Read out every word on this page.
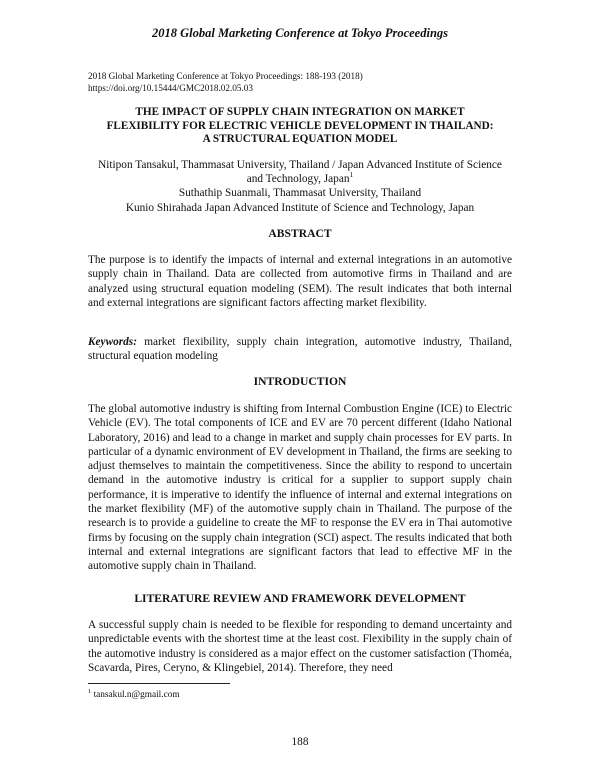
2018 Global Marketing Conference at Tokyo Proceedings
2018 Global Marketing Conference at Tokyo Proceedings: 188-193 (2018)
https://doi.org/10.15444/GMC2018.02.05.03
THE IMPACT OF SUPPLY CHAIN INTEGRATION ON MARKET
FLEXIBILITY FOR ELECTRIC VEHICLE DEVELOPMENT IN THAILAND:
A STRUCTURAL EQUATION MODEL
Nitipon Tansakul, Thammasat University, Thailand / Japan Advanced Institute of Science
and Technology, Japan$^1$
Suthathip Suanmali, Thammasat University, Thailand
Kunio Shirahada Japan Advanced Institute of Science and Technology, Japan
ABSTRACT
The purpose is to identify the impacts of internal and external integrations in an automotive supply chain in Thailand. Data are collected from automotive firms in Thailand and are analyzed using structural equation modeling (SEM). The result indicates that both internal and external integrations are significant factors affecting market flexibility.
Keywords: market flexibility, supply chain integration, automotive industry, Thailand, structural equation modeling
INTRODUCTION
The global automotive industry is shifting from Internal Combustion Engine (ICE) to Electric Vehicle (EV). The total components of ICE and EV are 70 percent different (Idaho National Laboratory, 2016) and lead to a change in market and supply chain processes for EV parts. In particular of a dynamic environment of EV development in Thailand, the firms are seeking to adjust themselves to maintain the competitiveness. Since the ability to respond to uncertain demand in the automotive industry is critical for a supplier to support supply chain performance, it is imperative to identify the influence of internal and external integrations on the market flexibility (MF) of the automotive supply chain in Thailand. The purpose of the research is to provide a guideline to create the MF to response the EV era in Thai automotive firms by focusing on the supply chain integration (SCI) aspect. The results indicated that both internal and external integrations are significant factors that lead to effective MF in the automotive supply chain in Thailand.
LITERATURE REVIEW AND FRAMEWORK DEVELOPMENT
A successful supply chain is needed to be flexible for responding to demand uncertainty and unpredictable events with the shortest time at the least cost. Flexibility in the supply chain of the automotive industry is considered as a major effect on the customer satisfaction (Thoméa, Scavarda, Pires, Ceryno, & Klingebiel, 2014). Therefore, they need
$^1$ tansakul.n@gmail.com
188
